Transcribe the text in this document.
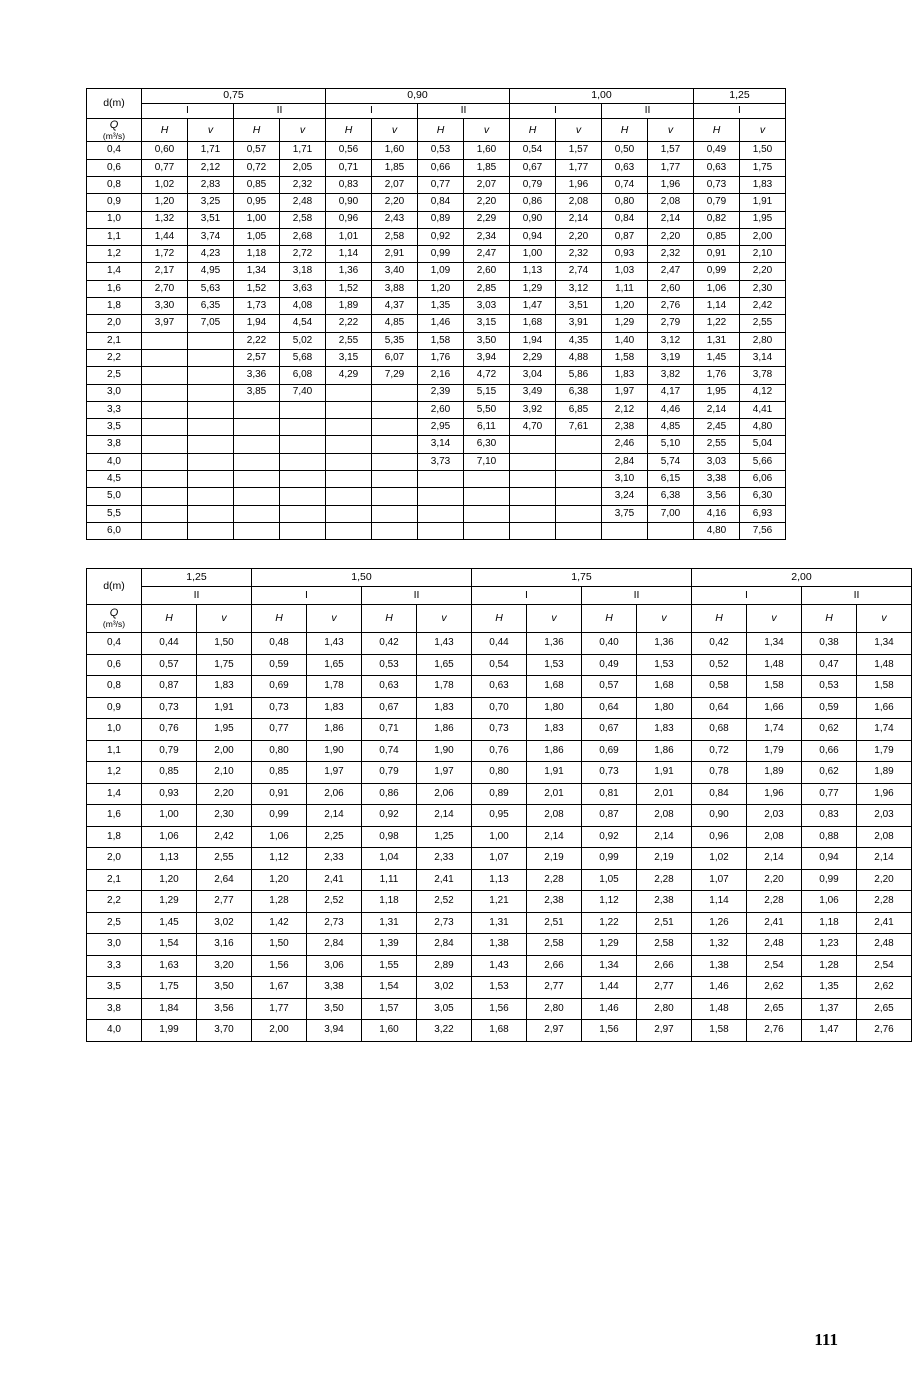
d(m)	0,75				0,90				1,00				1,25	
	I		II		I		II		I		II		I	

Q
(m³/s)	H	v	H	v	H	v	H	v	H	v	H	v	H	v
0,4	0,60	1,71	0,57	1,71	0,56	1,60	0,53	1,60	0,54	1,57	0,50	1,57	0,49	1,50
0,6	0,77	2,12	0,72	2,05	0,71	1,85	0,66	1,85	0,67	1,77	0,63	1,77	0,63	1,75
0,8	1,02	2,83	0,85	2,32	0,83	2,07	0,77	2,07	0,79	1,96	0,74	1,96	0,73	1,83
0,9	1,20	3,25	0,95	2,48	0,90	2,20	0,84	2,20	0,86	2,08	0,80	2,08	0,79	1,91
1,0	1,32	3,51	1,00	2,58	0,96	2,43	0,89	2,29	0,90	2,14	0,84	2,14	0,82	1,95
1,1	1,44	3,74	1,05	2,68	1,01	2,58	0,92	2,34	0,94	2,20	0,87	2,20	0,85	2,00
1,2	1,72	4,23	1,18	2,72	1,14	2,91	0,99	2,47	1,00	2,32	0,93	2,32	0,91	2,10
1,4	2,17	4,95	1,34	3,18	1,36	3,40	1,09	2,60	1,13	2,74	1,03	2,47	0,99	2,20
1,6	2,70	5,63	1,52	3,63	1,52	3,88	1,20	2,85	1,29	3,12	1,11	2,60	1,06	2,30
1,8	3,30	6,35	1,73	4,08	1,89	4,37	1,35	3,03	1,47	3,51	1,20	2,76	1,14	2,42
2,0	3,97	7,05	1,94	4,54	2,22	4,85	1,46	3,15	1,68	3,91	1,29	2,79	1,22	2,55
2,1			2,22	5,02	2,55	5,35	1,58	3,50	1,94	4,35	1,40	3,12	1,31	2,80
2,2			2,57	5,68	3,15	6,07	1,76	3,94	2,29	4,88	1,58	3,19	1,45	3,14
2,5			3,36	6,08	4,29	7,29	2,16	4,72	3,04	5,86	1,83	3,82	1,76	3,78
3,0			3,85	7,40			2,39	5,15	3,49	6,38	1,97	4,17	1,95	4,12
3,3							2,60	5,50	3,92	6,85	2,12	4,46	2,14	4,41
3,5							2,95	6,11	4,70	7,61	2,38	4,85	2,45	4,80
3,8							3,14	6,30			2,46	5,10	2,55	5,04
4,0							3,73	7,10			2,84	5,74	3,03	5,66
4,5											3,10	6,15	3,38	6,06
5,0											3,24	6,38	3,56	6,30
5,5											3,75	7,00	4,16	6,93
6,0													4,80	7,56
d(m)	1,25		1,50				1,75				2,00			
	II		I		II		I		II		I		II	

Q
(m³/s)	H	v	H	v	H	v	H	v	H	v	H	v	H	v
0,4	0,44	1,50	0,48	1,43	0,42	1,43	0,44	1,36	0,40	1,36	0,42	1,34	0,38	1,34
0,6	0,57	1,75	0,59	1,65	0,53	1,65	0,54	1,53	0,49	1,53	0,52	1,48	0,47	1,48
0,8	0,87	1,83	0,69	1,78	0,63	1,78	0,63	1,68	0,57	1,68	0,58	1,58	0,53	1,58
0,9	0,73	1,91	0,73	1,83	0,67	1,83	0,70	1,80	0,64	1,80	0,64	1,66	0,59	1,66
1,0	0,76	1,95	0,77	1,86	0,71	1,86	0,73	1,83	0,67	1,83	0,68	1,74	0,62	1,74
1,1	0,79	2,00	0,80	1,90	0,74	1,90	0,76	1,86	0,69	1,86	0,72	1,79	0,66	1,79
1,2	0,85	2,10	0,85	1,97	0,79	1,97	0,80	1,91	0,73	1,91	0,78	1,89	0,62	1,89
1,4	0,93	2,20	0,91	2,06	0,86	2,06	0,89	2,01	0,81	2,01	0,84	1,96	0,77	1,96
1,6	1,00	2,30	0,99	2,14	0,92	2,14	0,95	2,08	0,87	2,08	0,90	2,03	0,83	2,03
1,8	1,06	2,42	1,06	2,25	0,98	1,25	1,00	2,14	0,92	2,14	0,96	2,08	0,88	2,08
2,0	1,13	2,55	1,12	2,33	1,04	2,33	1,07	2,19	0,99	2,19	1,02	2,14	0,94	2,14
2,1	1,20	2,64	1,20	2,41	1,11	2,41	1,13	2,28	1,05	2,28	1,07	2,20	0,99	2,20
2,2	1,29	2,77	1,28	2,52	1,18	2,52	1,21	2,38	1,12	2,38	1,14	2,28	1,06	2,28
2,5	1,45	3,02	1,42	2,73	1,31	2,73	1,31	2,51	1,22	2,51	1,26	2,41	1,18	2,41
3,0	1,54	3,16	1,50	2,84	1,39	2,84	1,38	2,58	1,29	2,58	1,32	2,48	1,23	2,48
3,3	1,63	3,20	1,56	3,06	1,55	2,89	1,43	2,66	1,34	2,66	1,38	2,54	1,28	2,54
3,5	1,75	3,50	1,67	3,38	1,54	3,02	1,53	2,77	1,44	2,77	1,46	2,62	1,35	2,62
3,8	1,84	3,56	1,77	3,50	1,57	3,05	1,56	2,80	1,46	2,80	1,48	2,65	1,37	2,65
4,0	1,99	3,70	2,00	3,94	1,60	3,22	1,68	2,97	1,56	2,97	1,58	2,76	1,47	2,76
111
